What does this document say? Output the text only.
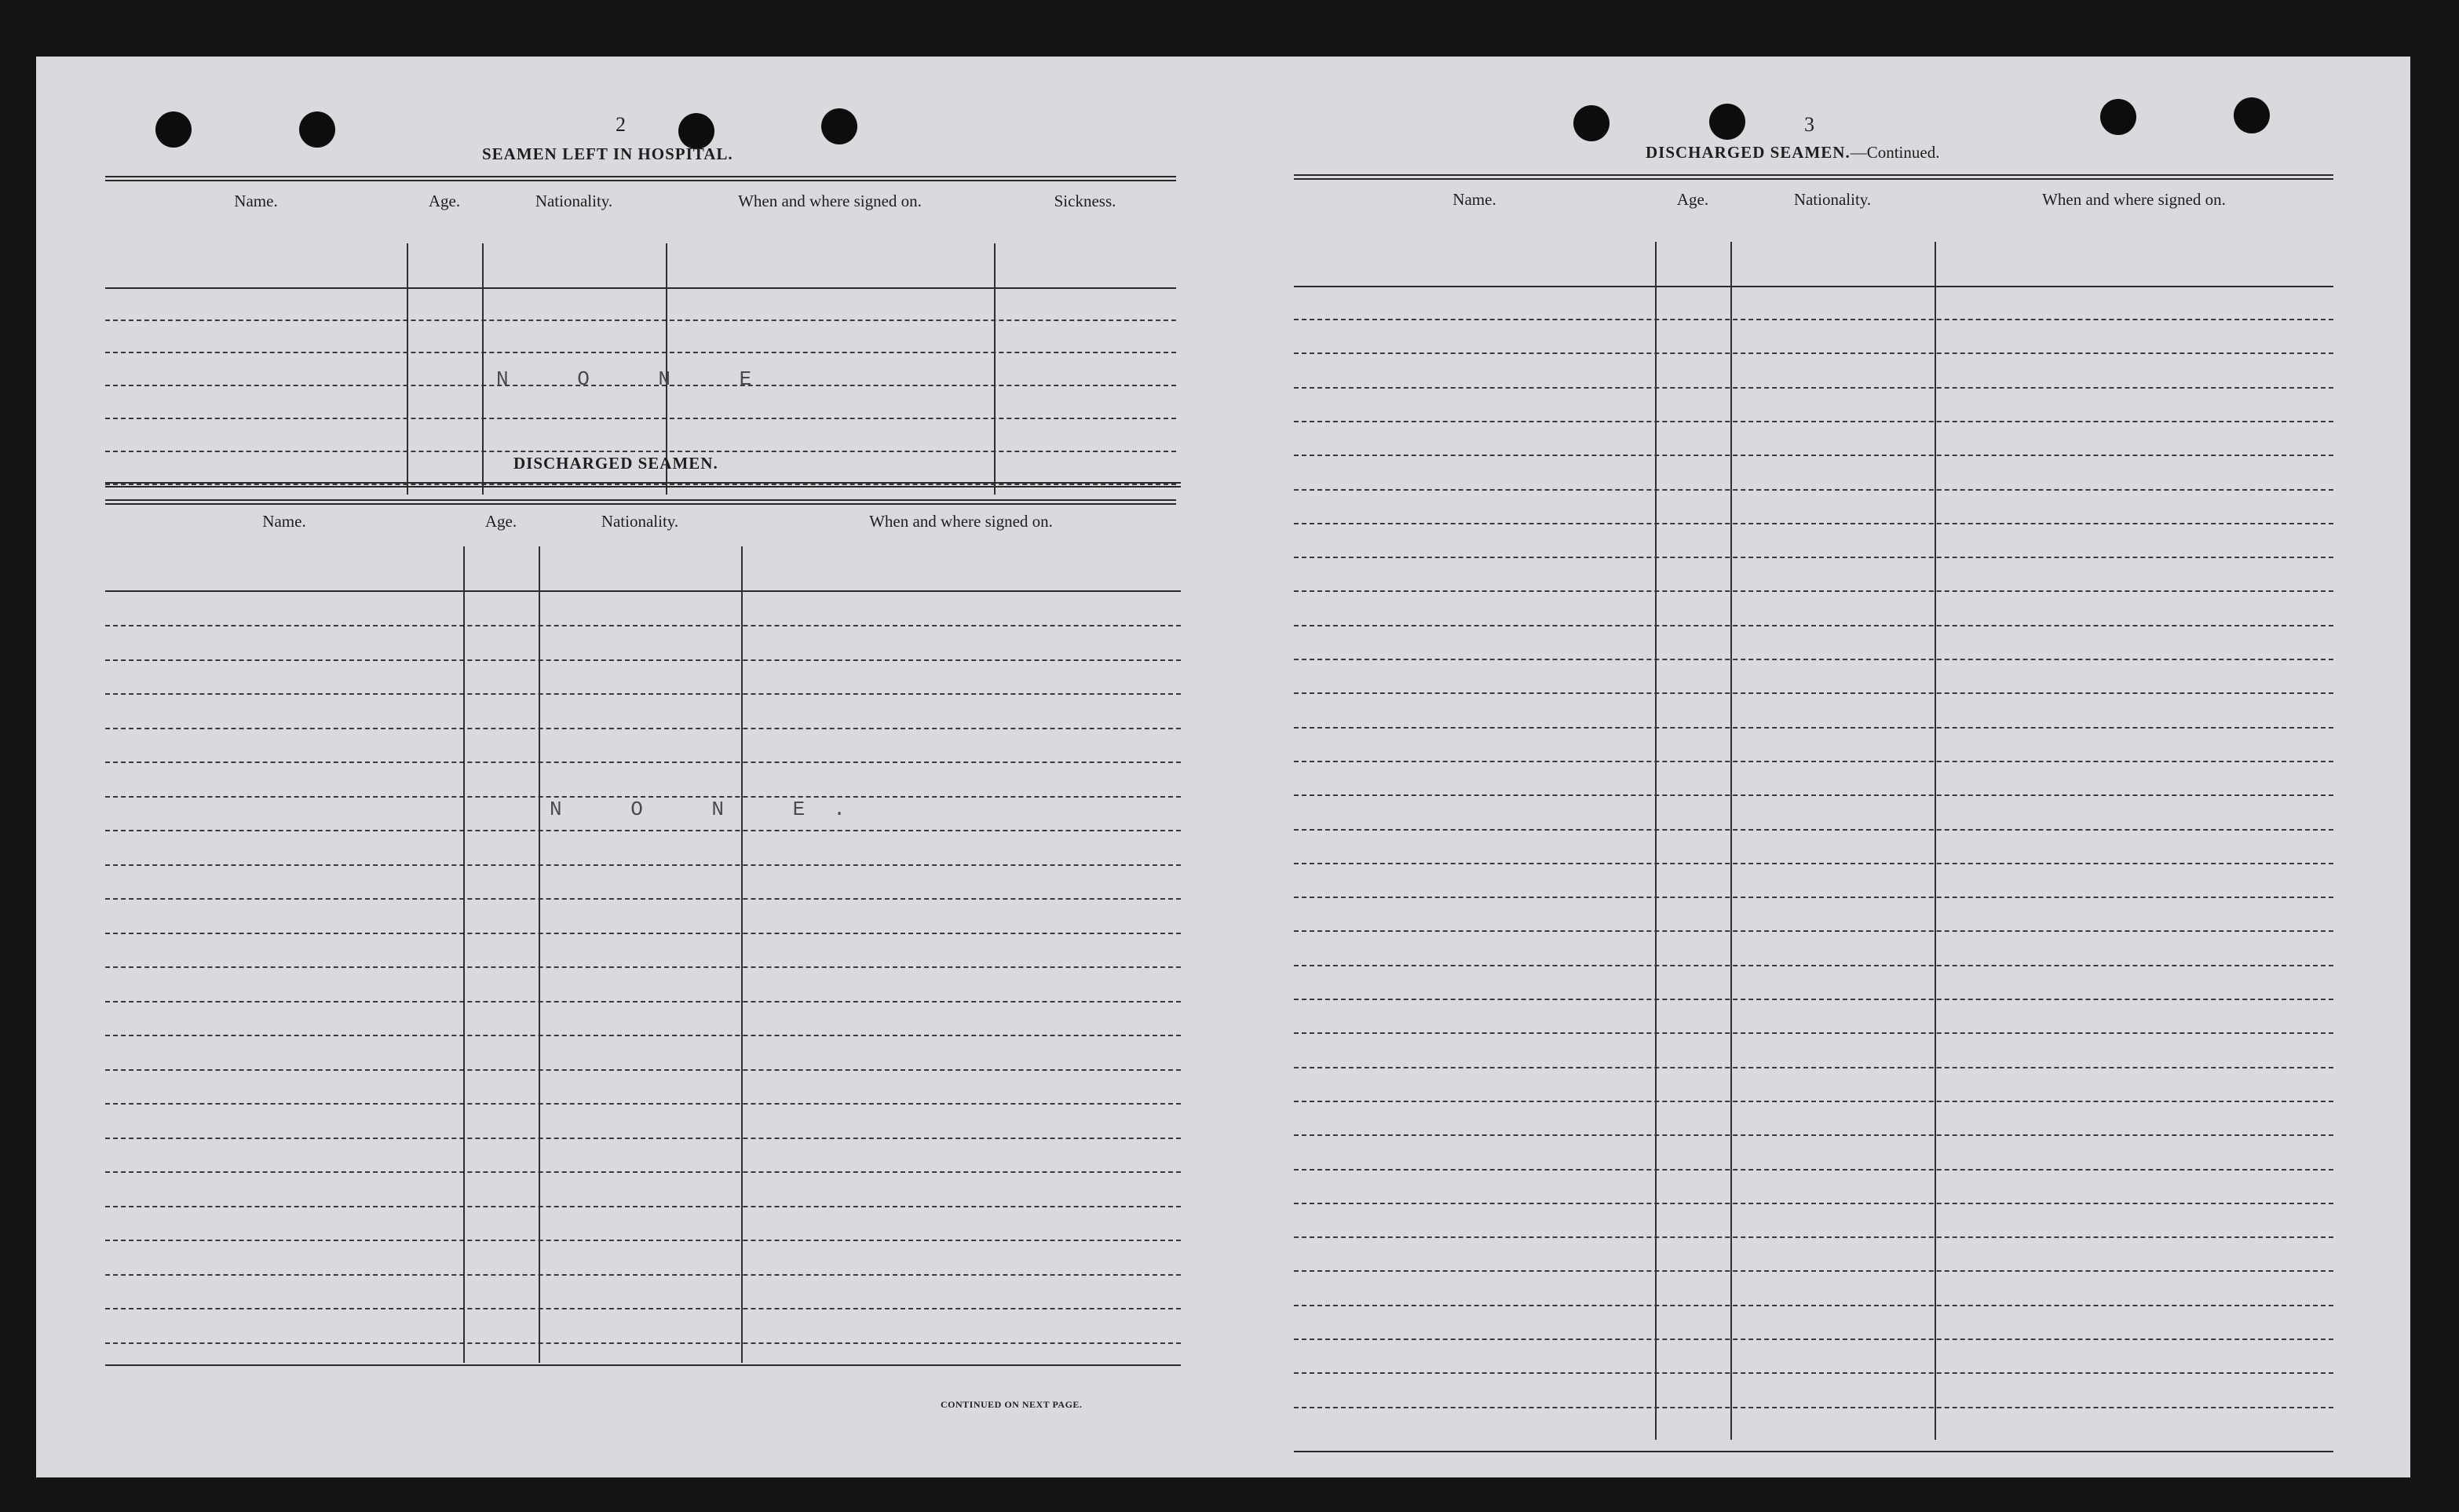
2
SEAMEN LEFT IN HOSPITAL.
Name.	Age.	Nationality.	When and where signed on.	Sickness.
N O N E
DISCHARGED SEAMEN.
Name.	Age.	Nationality.	When and where signed on.
N O N E.
CONTINUED ON NEXT PAGE.
3
DISCHARGED SEAMEN.—Continued.
Name.	Age.	Nationality.	When and where signed on.
